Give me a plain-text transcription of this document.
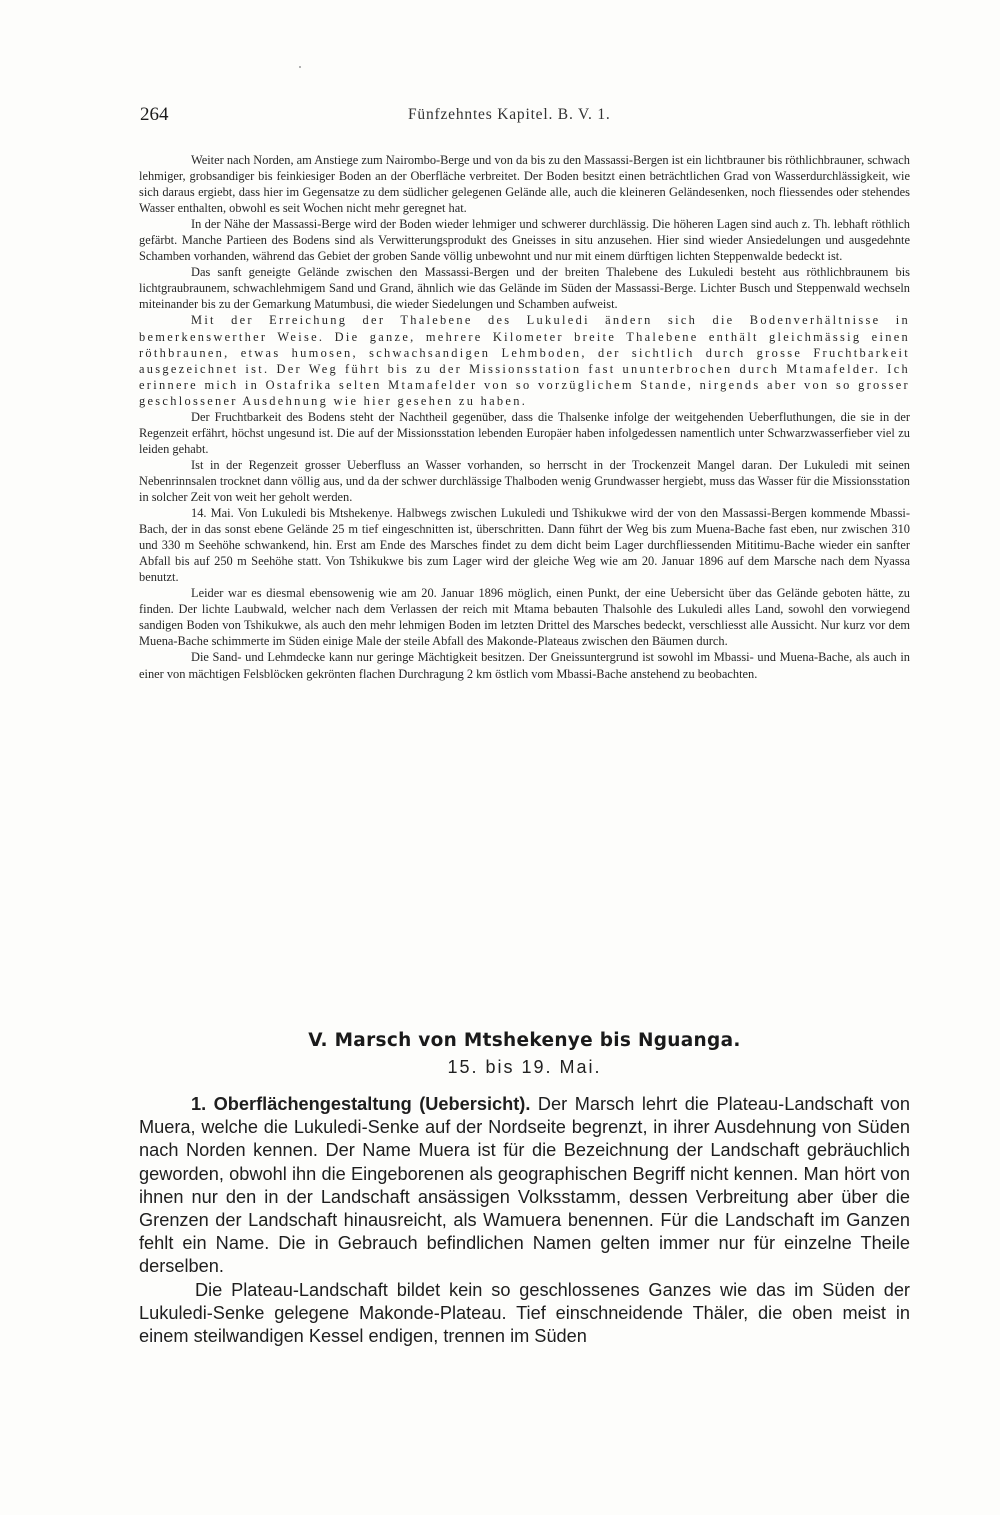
264	Fünfzehntes Kapitel. B. V. 1.

Weiter nach Norden, am Anstiege zum Nairombo-Berge und von da bis zu den Massassi-Bergen ist ein lichtbrauner bis röthlichbrauner, schwach lehmiger, grobsandiger bis feinkiesiger Boden an der Oberfläche verbreitet. Der Boden besitzt einen beträchtlichen Grad von Wasserdurchlässigkeit, wie sich daraus ergiebt, dass hier im Gegensatze zu dem südlicher gelegenen Gelände alle, auch die kleineren Geländesenken, noch fliessendes oder stehendes Wasser enthalten, obwohl es seit Wochen nicht mehr geregnet hat.

In der Nähe der Massassi-Berge wird der Boden wieder lehmiger und schwerer durchlässig. Die höheren Lagen sind auch z. Th. lebhaft röthlich gefärbt. Manche Partieen des Bodens sind als Verwitterungsprodukt des Gneisses in situ anzusehen. Hier sind wieder Ansiedelungen und ausgedehnte Schamben vorhanden, während das Gebiet der groben Sande völlig unbewohnt und nur mit einem dürftigen lichten Steppenwalde bedeckt ist.

Das sanft geneigte Gelände zwischen den Massassi-Bergen und der breiten Thalebene des Lukuledi besteht aus röthlichbraunem bis lichtgraubraunem, schwachlehmigem Sand und Grand, ähnlich wie das Gelände im Süden der Massassi-Berge. Lichter Busch und Steppenwald wechseln miteinander bis zu der Gemarkung Matumbusi, die wieder Siedelungen und Schamben aufweist.

Mit der Erreichung der Thalebene des Lukuledi ändern sich die Bodenverhältnisse in bemerkenswerther Weise. Die ganze, mehrere Kilometer breite Thalebene enthält gleichmässig einen röthbraunen, etwas humosen, schwachsandigen Lehmboden, der sichtlich durch grosse Fruchtbarkeit ausgezeichnet ist. Der Weg führt bis zu der Missionsstation fast ununterbrochen durch Mtamafelder. Ich erinnere mich in Ostafrika selten Mtamafelder von so vorzüglichem Stande, nirgends aber von so grosser geschlossener Ausdehnung wie hier gesehen zu haben.

Der Fruchtbarkeit des Bodens steht der Nachtheil gegenüber, dass die Thalsenke infolge der weitgehenden Ueberfluthungen, die sie in der Regenzeit erfährt, höchst ungesund ist. Die auf der Missionsstation lebenden Europäer haben infolgedessen namentlich unter Schwarzwasserfieber viel zu leiden gehabt.

Ist in der Regenzeit grosser Ueberfluss an Wasser vorhanden, so herrscht in der Trockenzeit Mangel daran. Der Lukuledi mit seinen Nebenrinnsalen trocknet dann völlig aus, und da der schwer durchlässige Thalboden wenig Grundwasser hergiebt, muss das Wasser für die Missionsstation in solcher Zeit von weit her geholt werden.

14. Mai. Von Lukuledi bis Mtshekenye. Halbwegs zwischen Lukuledi und Tshikukwe wird der von den Massassi-Bergen kommende Mbassi-Bach, der in das sonst ebene Gelände 25 m tief eingeschnitten ist, überschritten. Dann führt der Weg bis zum Muena-Bache fast eben, nur zwischen 310 und 330 m Seehöhe schwankend, hin. Erst am Ende des Marsches findet zu dem dicht beim Lager durchfliessenden Mititimu-Bache wieder ein sanfter Abfall bis auf 250 m Seehöhe statt. Von Tshikukwe bis zum Lager wird der gleiche Weg wie am 20. Januar 1896 auf dem Marsche nach dem Nyassa benutzt.

Leider war es diesmal ebensowenig wie am 20. Januar 1896 möglich, einen Punkt, der eine Uebersicht über das Gelände geboten hätte, zu finden. Der lichte Laubwald, welcher nach dem Verlassen der reich mit Mtama bebauten Thalsohle des Lukuledi alles Land, sowohl den vorwiegend sandigen Boden von Tshikukwe, als auch den mehr lehmigen Boden im letzten Drittel des Marsches bedeckt, verschliesst alle Aussicht. Nur kurz vor dem Muena-Bache schimmerte im Süden einige Male der steile Abfall des Makonde-Plateaus zwischen den Bäumen durch.

Die Sand- und Lehmdecke kann nur geringe Mächtigkeit besitzen. Der Gneissuntergrund ist sowohl im Mbassi- und Muena-Bache, als auch in einer von mächtigen Felsblöcken gekrönten flachen Durchragung 2 km östlich vom Mbassi-Bache anstehend zu beobachten.

V. Marsch von Mtshekenye bis Nguanga.
15. bis 19. Mai.

1. Oberflächengestaltung (Uebersicht). Der Marsch lehrt die Plateau-Landschaft von Muera, welche die Lukuledi-Senke auf der Nordseite begrenzt, in ihrer Ausdehnung von Süden nach Norden kennen. Der Name Muera ist für die Bezeichnung der Landschaft gebräuchlich geworden, obwohl ihn die Eingeborenen als geographischen Begriff nicht kennen. Man hört von ihnen nur den in der Landschaft ansässigen Volksstamm, dessen Verbreitung aber über die Grenzen der Landschaft hinausreicht, als Wamuera benennen. Für die Landschaft im Ganzen fehlt ein Name. Die in Gebrauch befindlichen Namen gelten immer nur für einzelne Theile derselben.

Die Plateau-Landschaft bildet kein so geschlossenes Ganzes wie das im Süden der Lukuledi-Senke gelegene Makonde-Plateau. Tief einschneidende Thäler, die oben meist in einem steilwandigen Kessel endigen, trennen im Süden
